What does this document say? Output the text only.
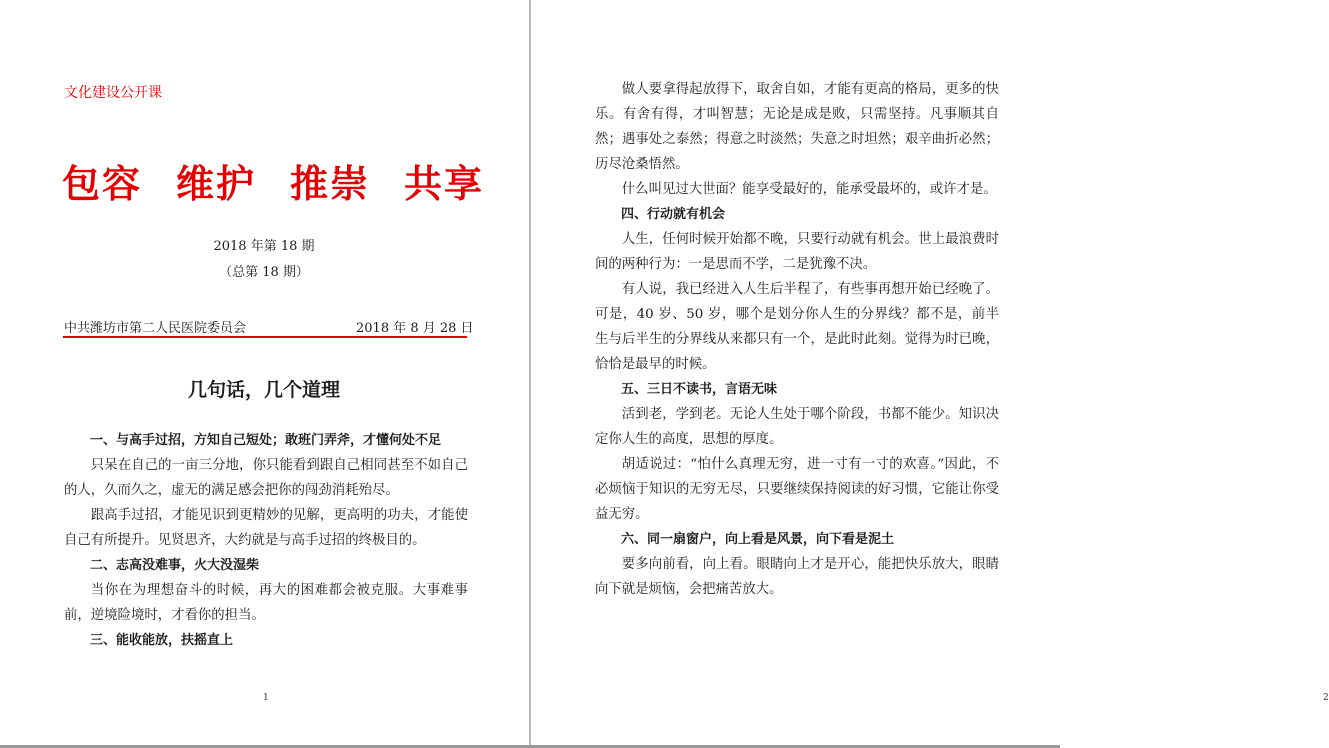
文化建设公开课
包容 维护 推崇 共享
2018 年第 18 期
（总第 18 期）
中共潍坊市第二人民医院委员会	2018 年 8 月 28 日
几句话，几个道理

一、与高手过招，方知自己短处；敢班门弄斧，才懂何处不足

只呆在自己的一亩三分地，你只能看到跟自己相同甚至不如自己的人，久而久之，虚无的满足感会把你的闯劲消耗殆尽。

跟高手过招，才能见识到更精妙的见解，更高明的功夫，才能使自己有所提升。见贤思齐，大约就是与高手过招的终极目的。

二、志高没难事，火大没湿柴

当你在为理想奋斗的时候，再大的困难都会被克服。大事难事前，逆境险境时，才看你的担当。

三、能收能放，扶摇直上

1	2

做人要拿得起放得下，取舍自如，才能有更高的格局，更多的快乐。有舍有得，才叫智慧；无论是成是败，只需坚持。凡事顺其自然；遇事处之泰然；得意之时淡然；失意之时坦然；艰辛曲折必然；历尽沧桑悟然。

什么叫见过大世面？能享受最好的，能承受最坏的，或许才是。

四、行动就有机会

人生，任何时候开始都不晚，只要行动就有机会。世上最浪费时间的两种行为：一是思而不学，二是犹豫不决。

有人说，我已经进入人生后半程了，有些事再想开始已经晚了。可是，40 岁、50 岁，哪个是划分你人生的分界线？都不是，前半生与后半生的分界线从来都只有一个，是此时此刻。觉得为时已晚，恰恰是最早的时候。

五、三日不读书，言语无味

活到老，学到老。无论人生处于哪个阶段，书都不能少。知识决定你人生的高度，思想的厚度。

胡适说过：“怕什么真理无穷，进一寸有一寸的欢喜。”因此，不必烦恼于知识的无穷无尽，只要继续保持阅读的好习惯，它能让你受益无穷。

六、同一扇窗户，向上看是风景，向下看是泥土

要多向前看，向上看。眼睛向上才是开心，能把快乐放大，眼睛向下就是烦恼，会把痛苦放大。
